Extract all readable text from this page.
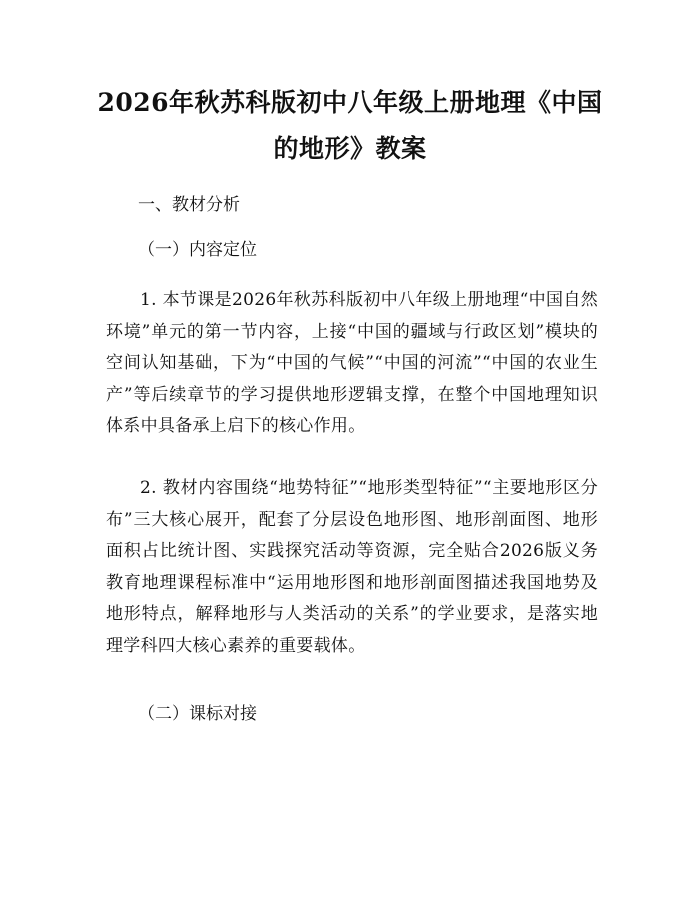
2026年秋苏科版初中八年级上册地理《中国的地形》教案

一、教材分析

（一）内容定位

1. 本节课是2026年秋苏科版初中八年级上册地理“中国自然环境”单元的第一节内容，上接“中国的疆域与行政区划”模块的空间认知基础，下为“中国的气候”“中国的河流”“中国的农业生产”等后续章节的学习提供地形逻辑支撑，在整个中国地理知识体系中具备承上启下的核心作用。

2. 教材内容围绕“地势特征”“地形类型特征”“主要地形区分布”三大核心展开，配套了分层设色地形图、地形剖面图、地形面积占比统计图、实践探究活动等资源，完全贴合2026版义务教育地理课程标准中“运用地形图和地形剖面图描述我国地势及地形特点，解释地形与人类活动的关系”的学业要求，是落实地理学科四大核心素养的重要载体。

（二）课标对接
